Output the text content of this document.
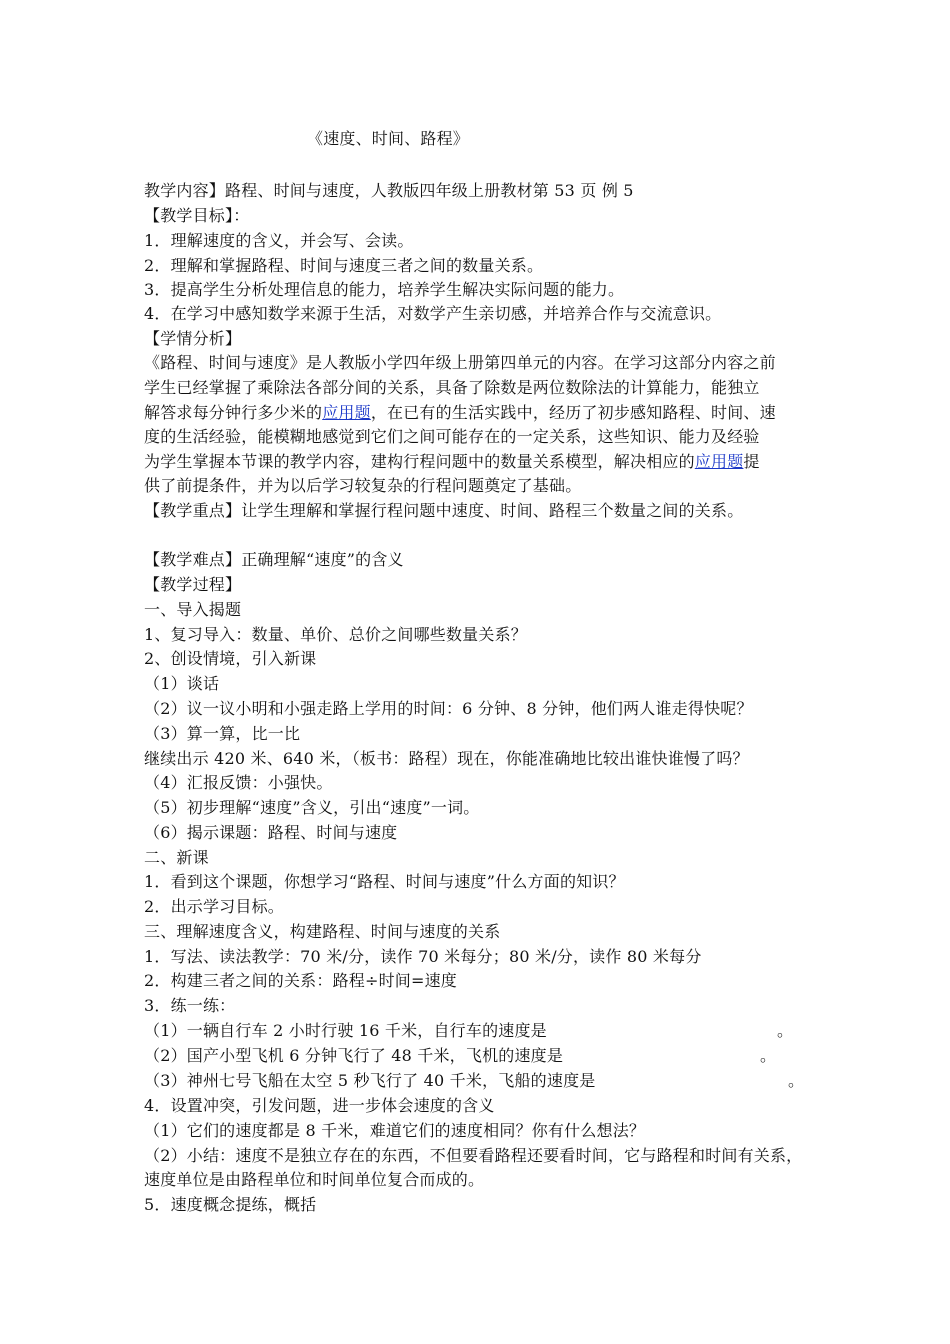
《速度、时间、路程》
教学内容】路程、时间与速度，人教版四年级上册教材第 53 页 例 5
【教学目标】：
1．理解速度的含义，并会写、会读。
2．理解和掌握路程、时间与速度三者之间的数量关系。
3．提高学生分析处理信息的能力，培养学生解决实际问题的能力。
4．在学习中感知数学来源于生活，对数学产生亲切感，并培养合作与交流意识。
【学情分析】
《路程、时间与速度》是人教版小学四年级上册第四单元的内容。在学习这部分内容之前
学生已经掌握了乘除法各部分间的关系，具备了除数是两位数除法的计算能力，能独立
解答求每分钟行多少米的应用题，在已有的生活实践中，经历了初步感知路程、时间、速
度的生活经验，能模糊地感觉到它们之间可能存在的一定关系，这些知识、能力及经验
为学生掌握本节课的教学内容，建构行程问题中的数量关系模型，解决相应的应用题提
供了前提条件，并为以后学习较复杂的行程问题奠定了基础。
【教学重点】让学生理解和掌握行程问题中速度、时间、路程三个数量之间的关系。
【教学难点】正确理解“速度”的含义
【教学过程】
一、导入揭题
1、复习导入：数量、单价、总价之间哪些数量关系？
2、创设情境，引入新课
（1）谈话
（2）议一议小明和小强走路上学用的时间：6 分钟、8 分钟，他们两人谁走得快呢？
（3）算一算，比一比
继续出示 420 米、640 米，（板书：路程）现在，你能准确地比较出谁快谁慢了吗？
（4）汇报反馈：小强快。
（5）初步理解“速度”含义，引出“速度”一词。
（6）揭示课题：路程、时间与速度
二、新课
1．看到这个课题，你想学习“路程、时间与速度”什么方面的知识？
2．出示学习目标。
三、理解速度含义，构建路程、时间与速度的关系
1．写法、读法教学：70 米/分，读作 70 米每分；80 米/分，读作 80 米每分
2．构建三者之间的关系：路程÷时间=速度
3．练一练：
（1）一辆自行车 2 小时行驶 16 千米，自行车的速度是	。
（2）国产小型飞机 6 分钟飞行了 48 千米，飞机的速度是	。
（3）神州七号飞船在太空 5 秒飞行了 40 千米，飞船的速度是	。
4．设置冲突，引发问题，进一步体会速度的含义
（1）它们的速度都是 8 千米，难道它们的速度相同？你有什么想法？
（2）小结：速度不是独立存在的东西，不但要看路程还要看时间，它与路程和时间有关系，
速度单位是由路程单位和时间单位复合而成的。
5．速度概念提练，概括
